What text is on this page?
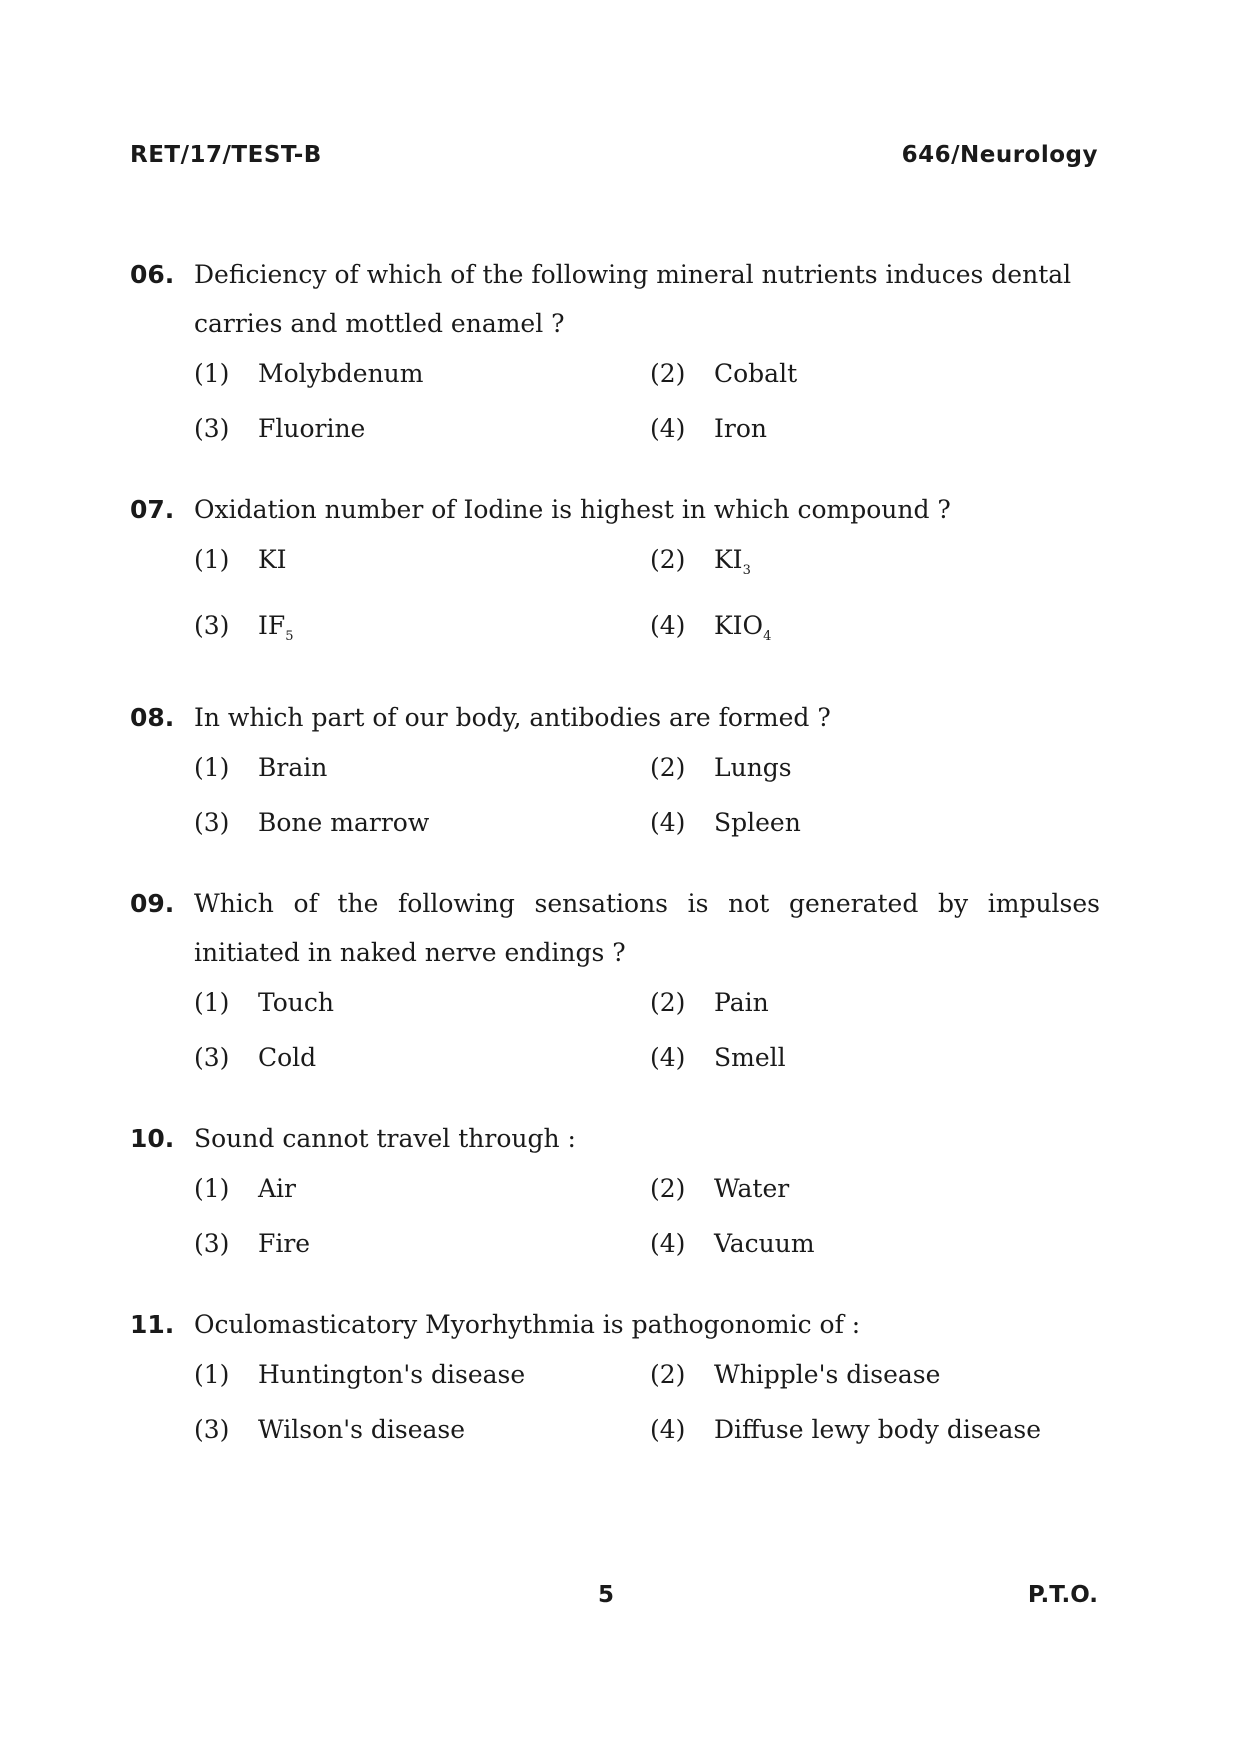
RET/17/TEST-B	646/Neurology
06. Deficiency of which of the following mineral nutrients induces dental carries and mottled enamel ?
(1)	Molybdenum	(2)	Cobalt
(3)	Fluorine	(4)	Iron
07. Oxidation number of Iodine is highest in which compound ?
(1)	KI	(2)	$KI_3$
(3)	$IF_5$	(4)	$KIO_4$
08. In which part of our body, antibodies are formed ?
(1)	Brain	(2)	Lungs
(3)	Bone marrow	(4)	Spleen
09. Which of the following sensations is not generated by impulses initiated in naked nerve endings ?
(1)	Touch	(2)	Pain
(3)	Cold	(4)	Smell
10. Sound cannot travel through :
(1)	Air	(2)	Water
(3)	Fire	(4)	Vacuum
11. Oculomasticatory Myorhythmia is pathogonomic of :
(1)	Huntington's disease	(2)	Whipple's disease
(3)	Wilson's disease	(4)	Diffuse lewy body disease
5	P.T.O.
